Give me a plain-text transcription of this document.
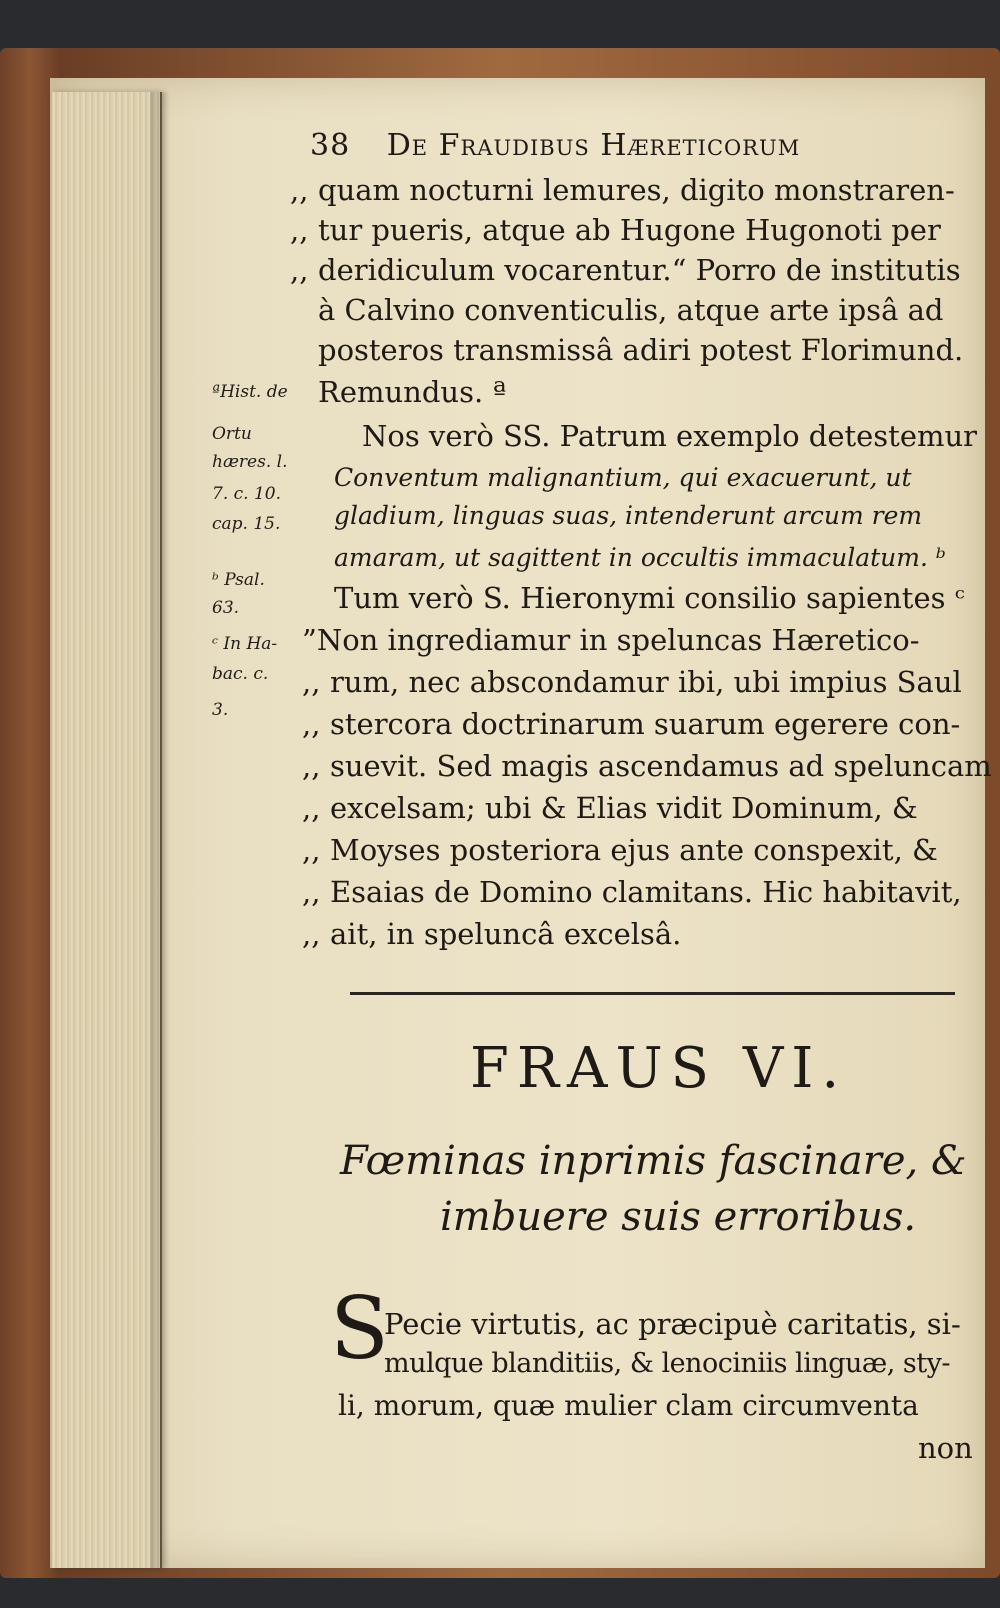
38 De Fraudibus Hæreticorum
,, quam nocturni lemures, digito monstraren-
,, tur pueris, atque ab Hugone Hugonoti per
,, deridiculum vocarentur.“ Porro de institutis
à Calvino conventiculis, atque arte ipsâ ad
posteros transmissâ adiri potest Florimund.
Remundus. ª
Nos verò SS. Patrum exemplo detestemur
Conventum malignantium, qui exacuerunt, ut
gladium, linguas suas, intenderunt arcum rem
amaram, ut sagittent in occultis immaculatum. ᵇ
Tum verò S. Hieronymi consilio sapientes ᶜ
”Non ingrediamur in speluncas Hæretico-
,, rum, nec abscondamur ibi, ubi impius Saul
,, stercora doctrinarum suarum egerere con-
,, suevit. Sed magis ascendamus ad speluncam
,, excelsam; ubi & Elias vidit Dominum, &
,, Moyses posteriora ejus ante conspexit, &
,, Esaias de Domino clamitans. Hic habitavit,
,, ait, in speluncâ excelsâ.
ªHist. de
Ortu
hæres. l.
7. c. 10.
cap. 15.
ᵇ Psal.
63.
ᶜ In Ha-
bac. c.
3.
FRAUS VI.
Fœminas inprimis fascinare, &
imbuere suis erroribus.
S
Pecie virtutis, ac præcipuè caritatis, si-
mulque blanditiis, & lenociniis linguæ, sty-
li, morum, quæ mulier clam circumventa
non
